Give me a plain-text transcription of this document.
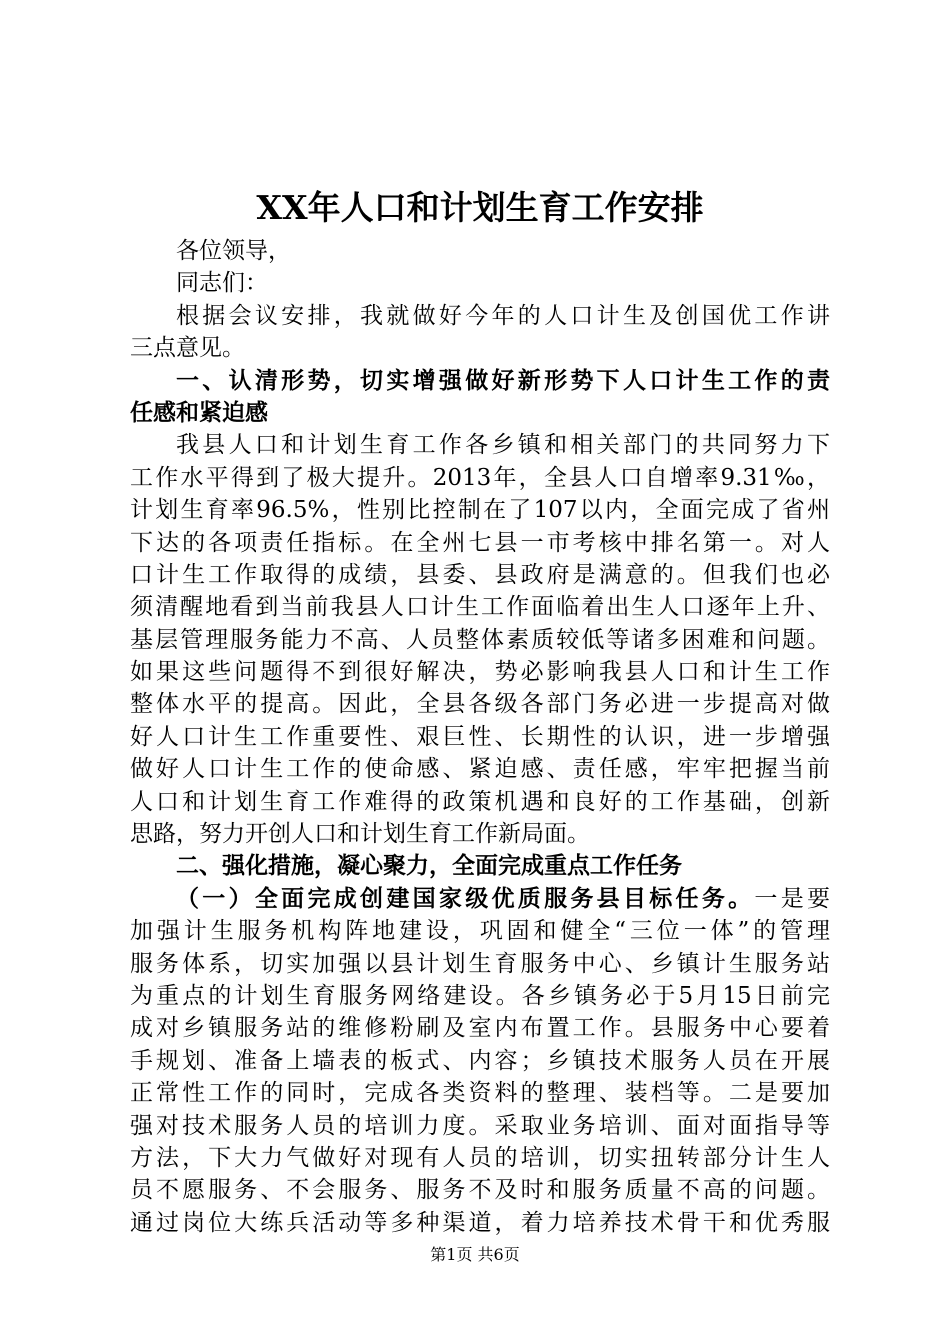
XX年人口和计划生育工作安排
各位领导，
同志们：
根据会议安排，我就做好今年的人口计生及创国优工作讲
三点意见。
一、认清形势，切实增强做好新形势下人口计生工作的责
任感和紧迫感
我县人口和计划生育工作各乡镇和相关部门的共同努力下
工作水平得到了极大提升。2013年，全县人口自增率9.31‰，
计划生育率96.5%，性别比控制在了107以内，全面完成了省州
下达的各项责任指标。在全州七县一市考核中排名第一。对人
口计生工作取得的成绩，县委、县政府是满意的。但我们也必
须清醒地看到当前我县人口计生工作面临着出生人口逐年上升、
基层管理服务能力不高、人员整体素质较低等诸多困难和问题。
如果这些问题得不到很好解决，势必影响我县人口和计生工作
整体水平的提高。因此，全县各级各部门务必进一步提高对做
好人口计生工作重要性、艰巨性、长期性的认识，进一步增强
做好人口计生工作的使命感、紧迫感、责任感，牢牢把握当前
人口和计划生育工作难得的政策机遇和良好的工作基础，创新
思路，努力开创人口和计划生育工作新局面。
二、强化措施，凝心聚力，全面完成重点工作任务
（一）全面完成创建国家级优质服务县目标任务。一是要
加强计生服务机构阵地建设，巩固和健全“三位一体”的管理
服务体系，切实加强以县计划生育服务中心、乡镇计生服务站
为重点的计划生育服务网络建设。各乡镇务必于5月15日前完
成对乡镇服务站的维修粉刷及室内布置工作。县服务中心要着
手规划、准备上墙表的板式、内容；乡镇技术服务人员在开展
正常性工作的同时，完成各类资料的整理、装档等。二是要加
强对技术服务人员的培训力度。采取业务培训、面对面指导等
方法，下大力气做好对现有人员的培训，切实扭转部分计生人
员不愿服务、不会服务、服务不及时和服务质量不高的问题。
通过岗位大练兵活动等多种渠道，着力培养技术骨干和优秀服
第1页 共6页
